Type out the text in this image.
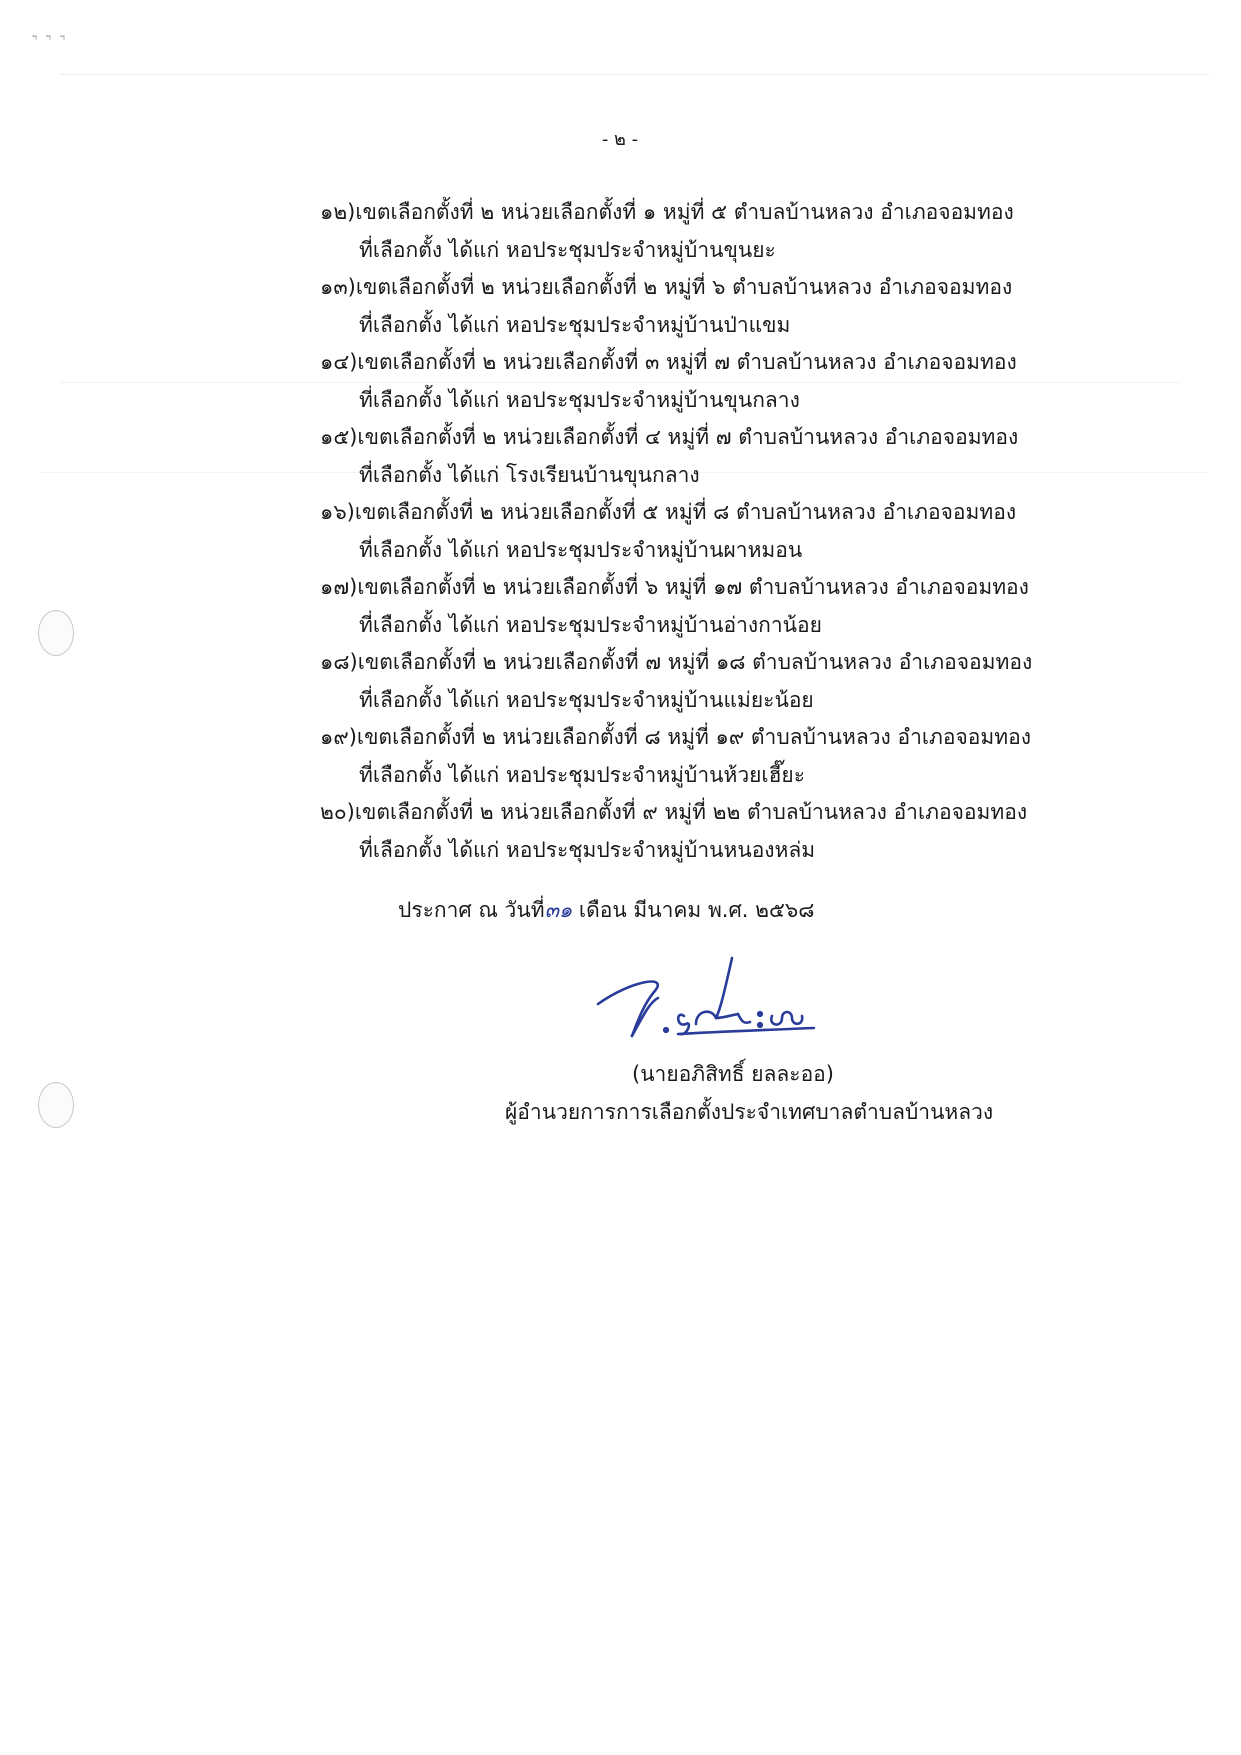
ฯ ฯ ฯ
- ๒ -
๑๒)เขตเลือกตั้งที่ ๒ หน่วยเลือกตั้งที่ ๑ หมู่ที่ ๕ ตำบลบ้านหลวง อำเภอจอมทอง
ที่เลือกตั้ง ได้แก่ หอประชุมประจำหมู่บ้านขุนยะ
๑๓)เขตเลือกตั้งที่ ๒ หน่วยเลือกตั้งที่ ๒ หมู่ที่ ๖ ตำบลบ้านหลวง อำเภอจอมทอง
ที่เลือกตั้ง ได้แก่ หอประชุมประจำหมู่บ้านป่าแขม
๑๔)เขตเลือกตั้งที่ ๒ หน่วยเลือกตั้งที่ ๓ หมู่ที่ ๗ ตำบลบ้านหลวง อำเภอจอมทอง
ที่เลือกตั้ง ได้แก่ หอประชุมประจำหมู่บ้านขุนกลาง
๑๕)เขตเลือกตั้งที่ ๒ หน่วยเลือกตั้งที่ ๔ หมู่ที่ ๗ ตำบลบ้านหลวง อำเภอจอมทอง
ที่เลือกตั้ง ได้แก่ โรงเรียนบ้านขุนกลาง
๑๖)เขตเลือกตั้งที่ ๒ หน่วยเลือกตั้งที่ ๕ หมู่ที่ ๘ ตำบลบ้านหลวง อำเภอจอมทอง
ที่เลือกตั้ง ได้แก่ หอประชุมประจำหมู่บ้านผาหมอน
๑๗)เขตเลือกตั้งที่ ๒ หน่วยเลือกตั้งที่ ๖ หมู่ที่ ๑๗ ตำบลบ้านหลวง อำเภอจอมทอง
ที่เลือกตั้ง ได้แก่ หอประชุมประจำหมู่บ้านอ่างกาน้อย
๑๘)เขตเลือกตั้งที่ ๒ หน่วยเลือกตั้งที่ ๗ หมู่ที่ ๑๘ ตำบลบ้านหลวง อำเภอจอมทอง
ที่เลือกตั้ง ได้แก่ หอประชุมประจำหมู่บ้านแม่ยะน้อย
๑๙)เขตเลือกตั้งที่ ๒ หน่วยเลือกตั้งที่ ๘ หมู่ที่ ๑๙ ตำบลบ้านหลวง อำเภอจอมทอง
ที่เลือกตั้ง ได้แก่ หอประชุมประจำหมู่บ้านห้วยเฮี๊ยะ
๒๐)เขตเลือกตั้งที่ ๒ หน่วยเลือกตั้งที่ ๙ หมู่ที่ ๒๒ ตำบลบ้านหลวง อำเภอจอมทอง
ที่เลือกตั้ง ได้แก่ หอประชุมประจำหมู่บ้านหนองหล่ม
ประกาศ ณ วันที่๓๑ เดือน มีนาคม พ.ศ. ๒๕๖๘
(นายอภิสิทธิ์ ยลละออ)
ผู้อำนวยการการเลือกตั้งประจำเทศบาลตำบลบ้านหลวง
